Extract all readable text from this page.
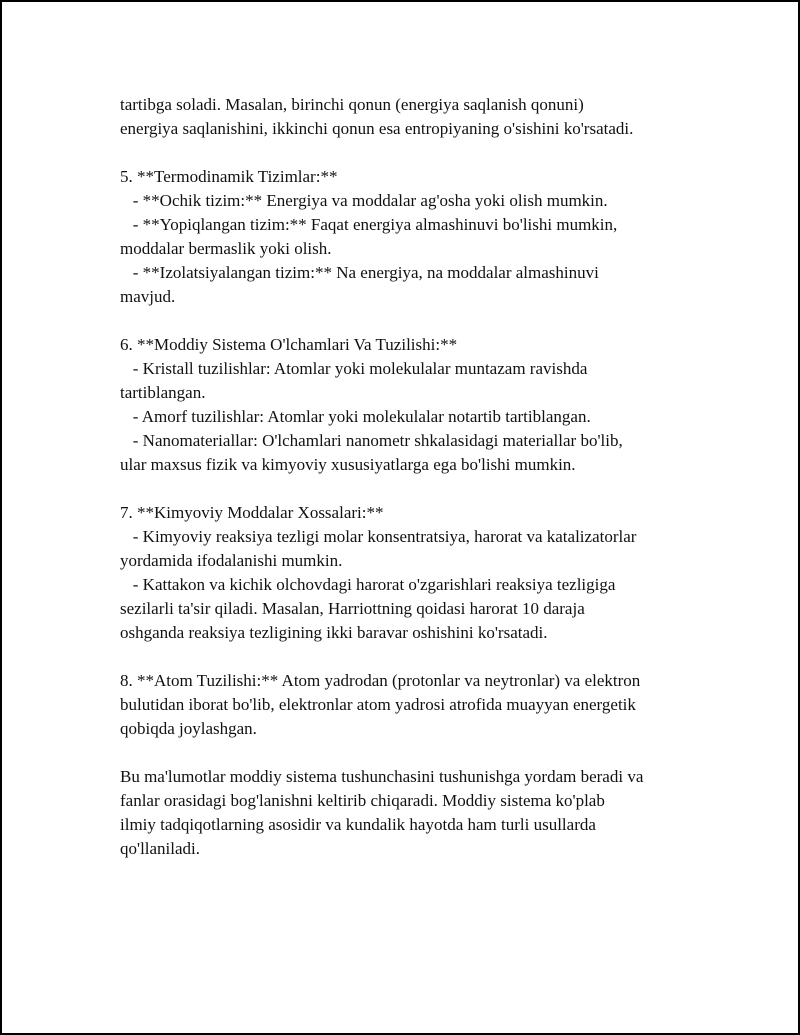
tartibga soladi. Masalan, birinchi qonun (energiya saqlanish qonuni)
energiya saqlanishini, ikkinchi qonun esa entropiyaning o'sishini ko'rsatadi.
5. **Termodinamik Tizimlar:**
- **Ochik tizim:** Energiya va moddalar ag'osha yoki olish mumkin.
- **Yopiqlangan tizim:** Faqat energiya almashinuvi bo'lishi mumkin,
moddalar bermaslik yoki olish.
- **Izolatsiyalangan tizim:** Na energiya, na moddalar almashinuvi
mavjud.
6. **Moddiy Sistema O'lchamlari Va Tuzilishi:**
- Kristall tuzilishlar: Atomlar yoki molekulalar muntazam ravishda
tartiblangan.
- Amorf tuzilishlar: Atomlar yoki molekulalar notartib tartiblangan.
- Nanomateriallar: O'lchamlari nanometr shkalasidagi materiallar bo'lib,
ular maxsus fizik va kimyoviy xususiyatlarga ega bo'lishi mumkin.
7. **Kimyoviy Moddalar Xossalari:**
- Kimyoviy reaksiya tezligi molar konsentratsiya, harorat va katalizatorlar
yordamida ifodalanishi mumkin.
- Kattakon va kichik olchovdagi harorat o'zgarishlari reaksiya tezligiga
sezilarli ta'sir qiladi. Masalan, Harriottning qoidasi harorat 10 daraja
oshganda reaksiya tezligining ikki baravar oshishini ko'rsatadi.
8. **Atom Tuzilishi:** Atom yadrodan (protonlar va neytronlar) va elektron
bulutidan iborat bo'lib, elektronlar atom yadrosi atrofida muayyan energetik
qobiqda joylashgan.
Bu ma'lumotlar moddiy sistema tushunchasini tushunishga yordam beradi va
fanlar orasidagi bog'lanishni keltirib chiqaradi. Moddiy sistema ko'plab
ilmiy tadqiqotlarning asosidir va kundalik hayotda ham turli usullarda
qo'llaniladi.
